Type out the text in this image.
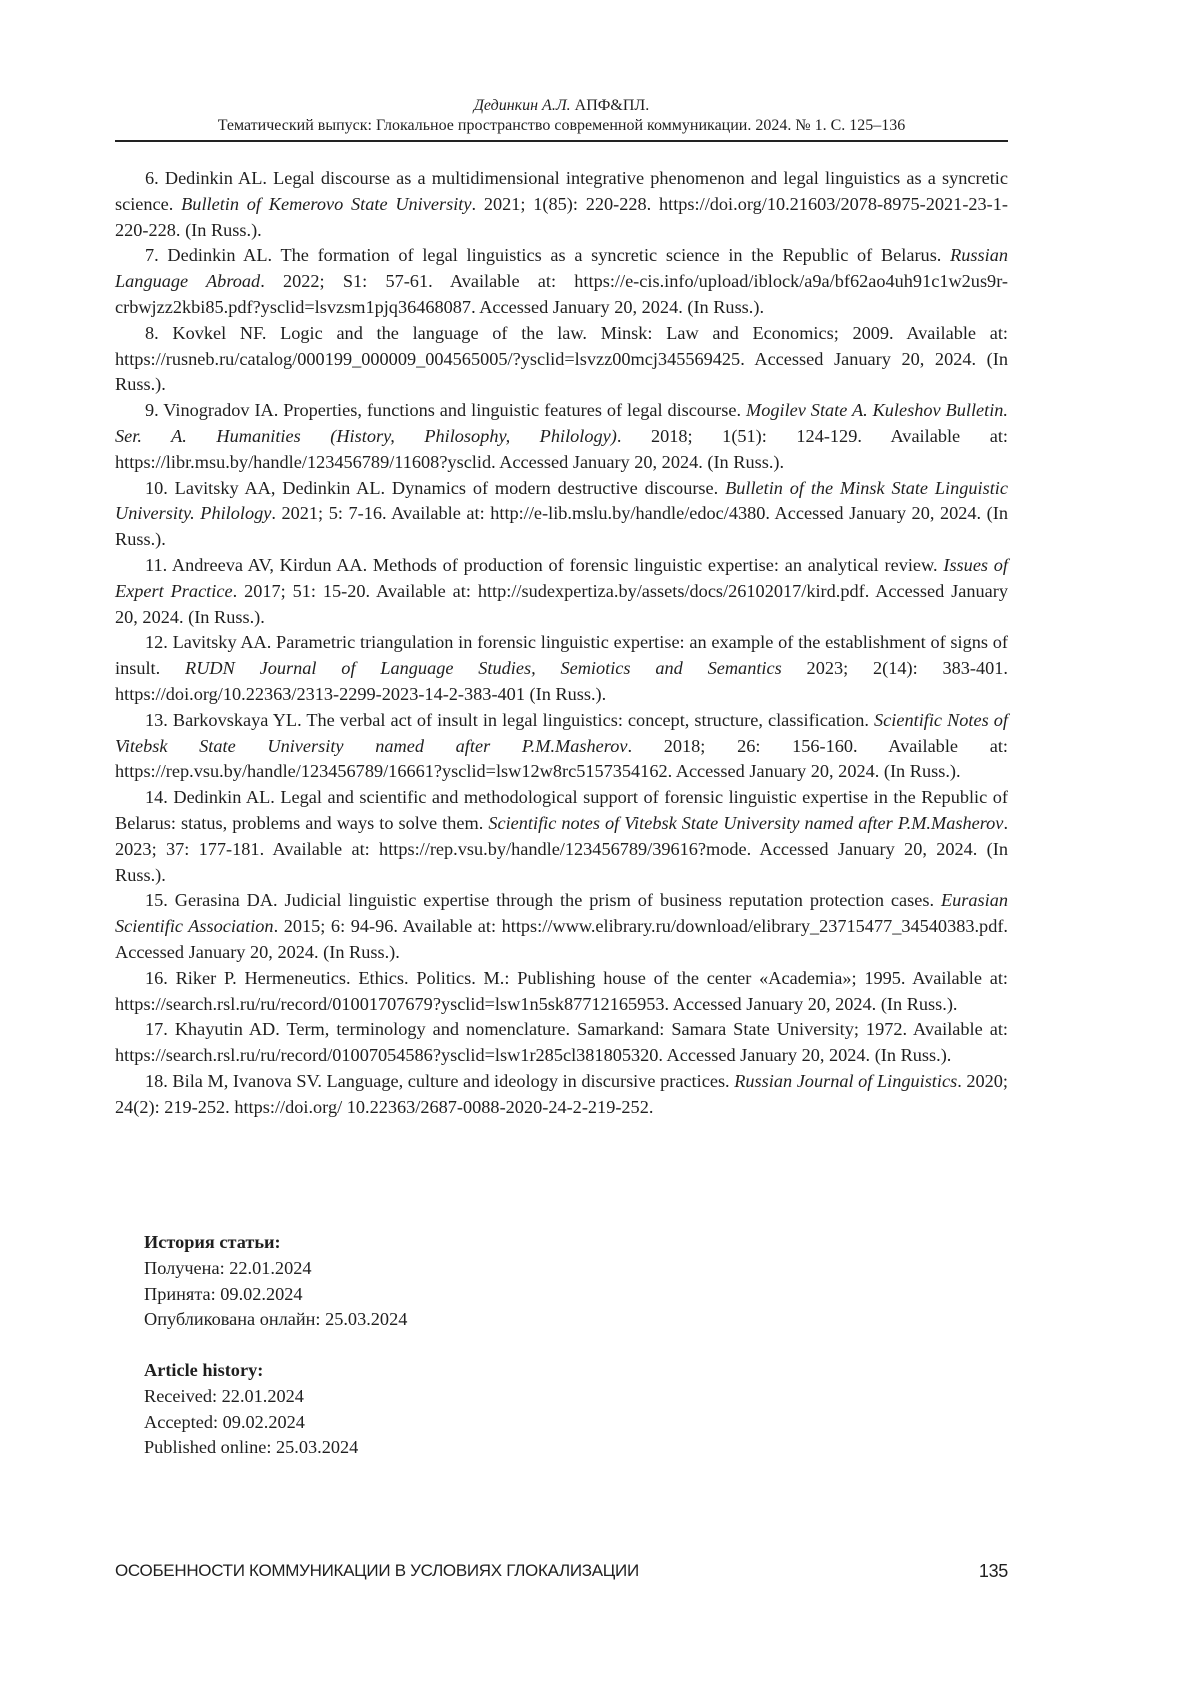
Дединкин А.Л. АПФ&ПЛ.
Тематический выпуск: Глокальное пространство современной коммуникации. 2024. № 1. С. 125–136
6. Dedinkin AL. Legal discourse as a multidimensional integrative phenomenon and legal linguistics as a syncretic science. Bulletin of Kemerovo State University. 2021; 1(85): 220-228. https://doi.org/10.21603/2078-8975-2021-23-1-220-228. (In Russ.).
7. Dedinkin AL. The formation of legal linguistics as a syncretic science in the Republic of Belarus. Russian Language Abroad. 2022; S1: 57-61. Available at: https://e-cis.info/upload/iblock/a9a/bf62ao4uh91c1w2us9r-crbwjzz2kbi85.pdf?ysclid=lsvzsm1pjq36468087. Accessed January 20, 2024. (In Russ.).
8. Kovkel NF. Logic and the language of the law. Minsk: Law and Economics; 2009. Available at: https://rusneb.ru/catalog/000199_000009_004565005/?ysclid=lsvzz00mcj345569425. Accessed January 20, 2024. (In Russ.).
9. Vinogradov IA. Properties, functions and linguistic features of legal discourse. Mogilev State A. Kuleshov Bulletin. Ser. A. Humanities (History, Philosophy, Philology). 2018; 1(51): 124-129. Available at: https://libr.msu.by/handle/123456789/11608?ysclid. Accessed January 20, 2024. (In Russ.).
10. Lavitsky AA, Dedinkin AL. Dynamics of modern destructive discourse. Bulletin of the Minsk State Linguistic University. Philology. 2021; 5: 7-16. Available at: http://e-lib.mslu.by/handle/edoc/4380. Accessed January 20, 2024. (In Russ.).
11. Andreeva AV, Kirdun AA. Methods of production of forensic linguistic expertise: an analytical review. Issues of Expert Practice. 2017; 51: 15-20. Available at: http://sudexpertiza.by/assets/docs/26102017/kird.pdf. Accessed January 20, 2024. (In Russ.).
12. Lavitsky AA. Parametric triangulation in forensic linguistic expertise: an example of the establishment of signs of insult. RUDN Journal of Language Studies, Semiotics and Semantics 2023; 2(14): 383-401. https://doi.org/10.22363/2313-2299-2023-14-2-383-401 (In Russ.).
13. Barkovskaya YL. The verbal act of insult in legal linguistics: concept, structure, classification. Scientific Notes of Vitebsk State University named after P.M.Masherov. 2018; 26: 156-160. Available at: https://rep.vsu.by/handle/123456789/16661?ysclid=lsw12w8rc5157354162. Accessed January 20, 2024. (In Russ.).
14. Dedinkin AL. Legal and scientific and methodological support of forensic linguistic expertise in the Republic of Belarus: status, problems and ways to solve them. Scientific notes of Vitebsk State University named after P.M.Masherov. 2023; 37: 177-181. Available at: https://rep.vsu.by/handle/123456789/39616?mode. Accessed January 20, 2024. (In Russ.).
15. Gerasina DA. Judicial linguistic expertise through the prism of business reputation protection cases. Eurasian Scientific Association. 2015; 6: 94-96. Available at: https://www.elibrary.ru/download/elibrary_23715477_34540383.pdf. Accessed January 20, 2024. (In Russ.).
16. Riker P. Hermeneutics. Ethics. Politics. M.: Publishing house of the center «Academia»; 1995. Available at: https://search.rsl.ru/ru/record/01001707679?ysclid=lsw1n5sk87712165953. Accessed January 20, 2024. (In Russ.).
17. Khayutin AD. Term, terminology and nomenclature. Samarkand: Samara State University; 1972. Available at: https://search.rsl.ru/ru/record/01007054586?ysclid=lsw1r285cl381805320. Accessed January 20, 2024. (In Russ.).
18. Bila M, Ivanova SV. Language, culture and ideology in discursive practices. Russian Journal of Linguistics. 2020; 24(2): 219-252. https://doi.org/ 10.22363/2687-0088-2020-24-2-219-252.
История статьи:
Получена: 22.01.2024
Принята: 09.02.2024
Опубликована онлайн: 25.03.2024
Article history:
Received: 22.01.2024
Accepted: 09.02.2024
Published online: 25.03.2024
ОСОБЕННОСТИ КОММУНИКАЦИИ В УСЛОВИЯХ ГЛОКАЛИЗАЦИИ	135
